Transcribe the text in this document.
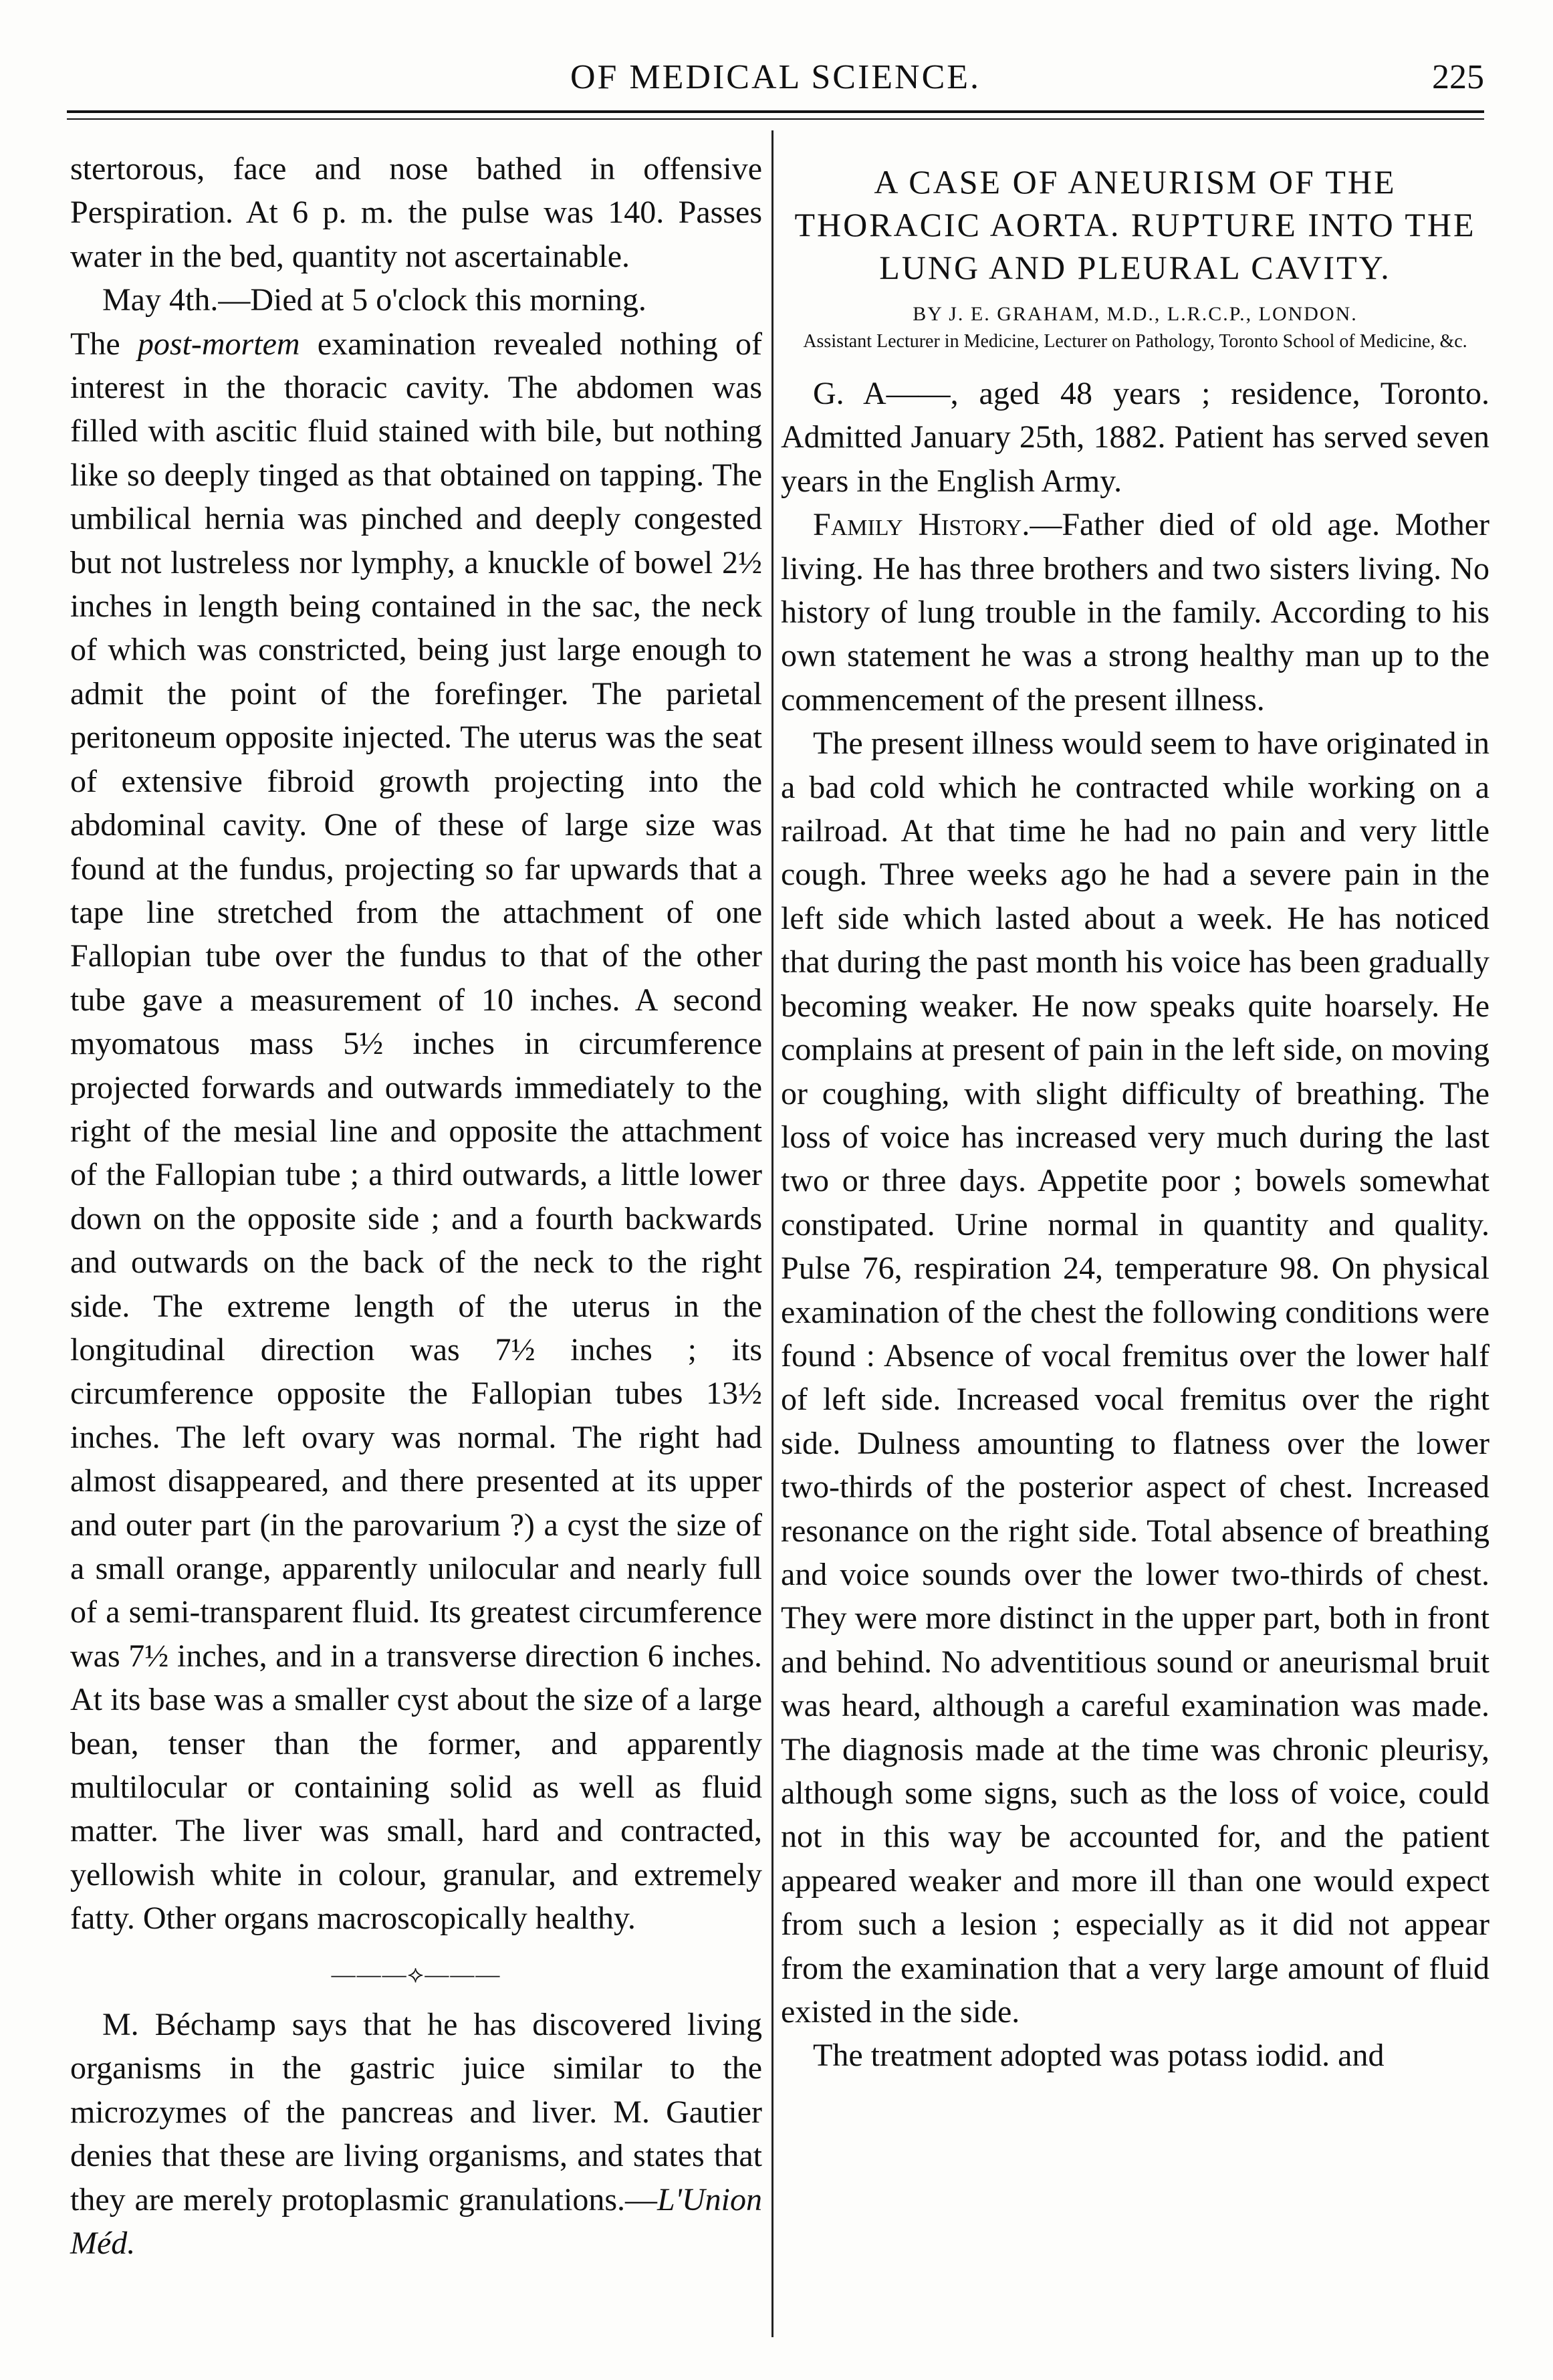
OF MEDICAL SCIENCE.	225

stertorous, face and nose bathed in offensive Perspiration. At 6 p. m. the pulse was 140. Passes water in the bed, quantity not ascertainable.

May 4th.—Died at 5 o'clock this morning.

The post-mortem examination revealed nothing of interest in the thoracic cavity. The abdomen was filled with ascitic fluid stained with bile, but nothing like so deeply tinged as that obtained on tapping. The umbilical hernia was pinched and deeply congested but not lustreless nor lymphy, a knuckle of bowel 2½ inches in length being contained in the sac, the neck of which was constricted, being just large enough to admit the point of the forefinger. The parietal peritoneum opposite injected. The uterus was the seat of extensive fibroid growth projecting into the abdominal cavity. One of these of large size was found at the fundus, projecting so far upwards that a tape line stretched from the attachment of one Fallopian tube over the fundus to that of the other tube gave a measurement of 10 inches. A second myomatous mass 5½ inches in circumference projected forwards and outwards immediately to the right of the mesial line and opposite the attachment of the Fallopian tube ; a third outwards, a little lower down on the opposite side ; and a fourth backwards and outwards on the back of the neck to the right side. The extreme length of the uterus in the longitudinal direction was 7½ inches ; its circumference opposite the Fallopian tubes 13½ inches. The left ovary was normal. The right had almost disappeared, and there presented at its upper and outer part (in the parovarium ?) a cyst the size of a small orange, apparently unilocular and nearly full of a semi-transparent fluid. Its greatest circumference was 7½ inches, and in a transverse direction 6 inches. At its base was a smaller cyst about the size of a large bean, tenser than the former, and apparently multilocular or containing solid as well as fluid matter. The liver was small, hard and contracted, yellowish white in colour, granular, and extremely fatty. Other organs macroscopically healthy.

———⟡———

M. Béchamp says that he has discovered living organisms in the gastric juice similar to the microzymes of the pancreas and liver. M. Gautier denies that these are living organisms, and states that they are merely protoplasmic granulations.—L'Union Méd.

A CASE OF ANEURISM OF THE THORACIC AORTA. RUPTURE INTO THE LUNG AND PLEURAL CAVITY.
BY J. E. GRAHAM, M.D., L.R.C.P., LONDON.
Assistant Lecturer in Medicine, Lecturer on Pathology, Toronto School of Medicine, &c.

G. A——, aged 48 years ; residence, Toronto. Admitted January 25th, 1882. Patient has served seven years in the English Army.

Family History.—Father died of old age. Mother living. He has three brothers and two sisters living. No history of lung trouble in the family. According to his own statement he was a strong healthy man up to the commencement of the present illness.

The present illness would seem to have originated in a bad cold which he contracted while working on a railroad. At that time he had no pain and very little cough. Three weeks ago he had a severe pain in the left side which lasted about a week. He has noticed that during the past month his voice has been gradually becoming weaker. He now speaks quite hoarsely. He complains at present of pain in the left side, on moving or coughing, with slight difficulty of breathing. The loss of voice has increased very much during the last two or three days. Appetite poor ; bowels somewhat constipated. Urine normal in quantity and quality. Pulse 76, respiration 24, temperature 98. On physical examination of the chest the following conditions were found : Absence of vocal fremitus over the lower half of left side. Increased vocal fremitus over the right side. Dulness amounting to flatness over the lower two-thirds of the posterior aspect of chest. Increased resonance on the right side. Total absence of breathing and voice sounds over the lower two-thirds of chest. They were more distinct in the upper part, both in front and behind. No adventitious sound or aneurismal bruit was heard, although a careful examination was made. The diagnosis made at the time was chronic pleurisy, although some signs, such as the loss of voice, could not in this way be accounted for, and the patient appeared weaker and more ill than one would expect from such a lesion ; especially as it did not appear from the examination that a very large amount of fluid existed in the side.

The treatment adopted was potass iodid. and
